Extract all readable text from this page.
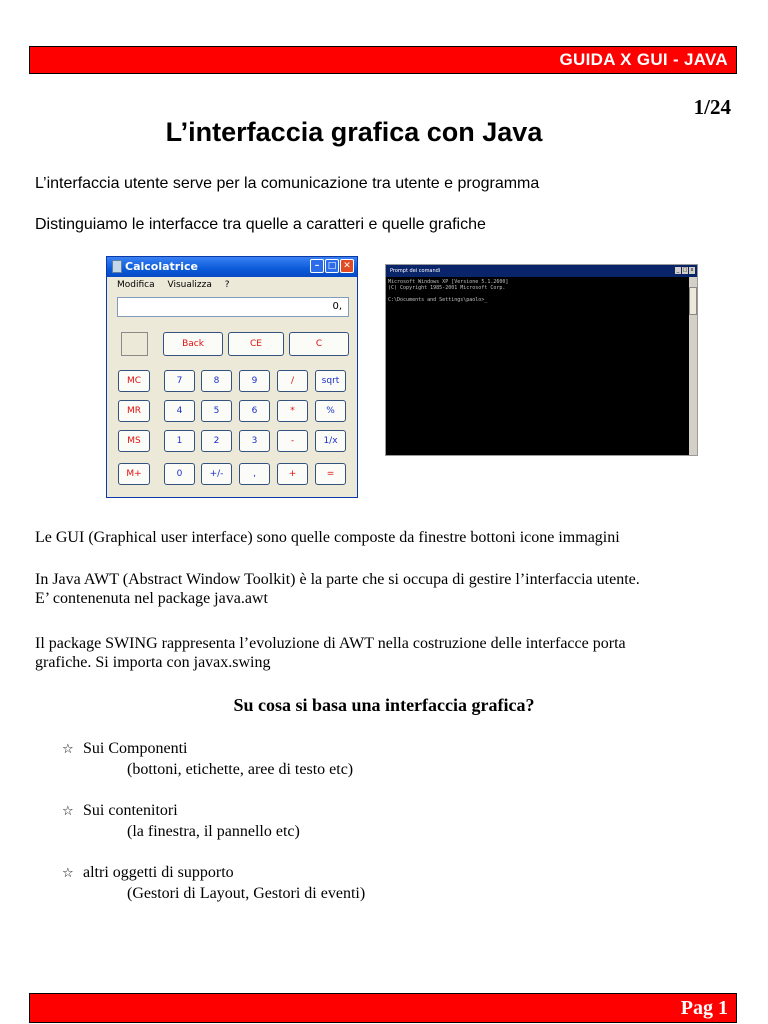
GUIDA X GUI - JAVA
1/24
L’interfaccia grafica con Java
L’interfaccia utente serve per la comunicazione tra utente e programma
Distinguiamo le interfacce tra quelle a caratteri e quelle grafiche
Calcolatrice	– □ ✕
Modifica Visualizza ?
0,
Back	CE	C
MC	7	8	9	/	sqrt
MR	4	5	6	*	%
MS	1	2	3	-	1/x
M+	0	+/-	,	+	=
Prompt dei comandi	_ □ x
Microsoft Windows XP [Versione 5.1.2600]
(C) Copyright 1985-2001 Microsoft Corp.

C:\Documents and Settings\paolo>_
Le GUI (Graphical user interface) sono quelle composte da finestre bottoni icone immagini
In Java AWT (Abstract Window Toolkit) è la parte che si occupa di gestire l’interfaccia utente.
E’ contenenuta nel package java.awt
Il package SWING rappresenta l’evoluzione di AWT nella costruzione delle interfacce porta
grafiche. Si importa con javax.swing
Su cosa si basa una interfaccia grafica?
☆ Sui Componenti
(bottoni, etichette, aree di testo etc)
☆ Sui contenitori
(la finestra, il pannello etc)
☆ altri oggetti di supporto
(Gestori di Layout, Gestori di eventi)
Pag 1
